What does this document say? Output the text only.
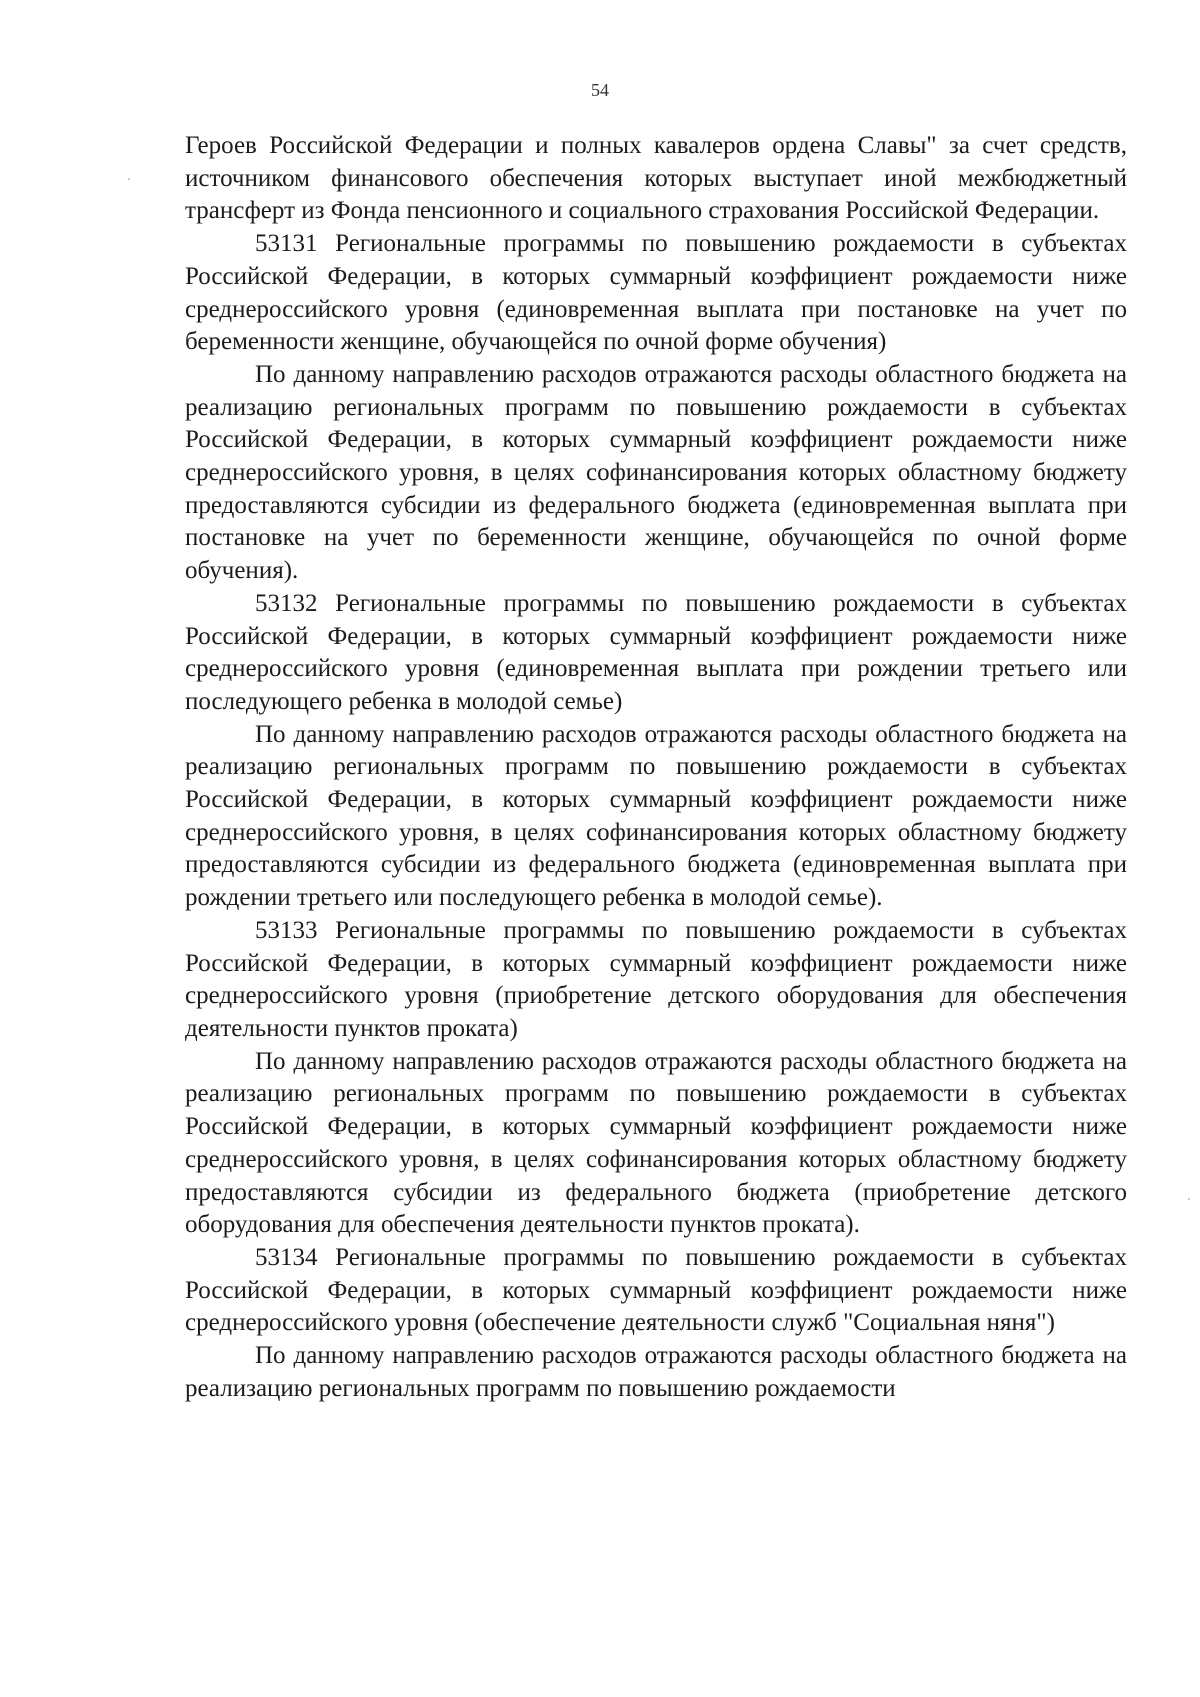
54

Героев Российской Федерации и полных кавалеров ордена Славы" за счет средств, источником финансового обеспечения которых выступает иной межбюджетный трансферт из Фонда пенсионного и социального страхования Российской Федерации.

53131 Региональные программы по повышению рождаемости в субъектах Российской Федерации, в которых суммарный коэффициент рождаемости ниже среднероссийского уровня (единовременная выплата при постановке на учет по беременности женщине, обучающейся по очной форме обучения)

По данному направлению расходов отражаются расходы областного бюджета на реализацию региональных программ по повышению рождаемости в субъектах Российской Федерации, в которых суммарный коэффициент рождаемости ниже среднероссийского уровня, в целях софинансирования которых областному бюджету предоставляются субсидии из федерального бюджета (единовременная выплата при постановке на учет по беременности женщине, обучающейся по очной форме обучения).

53132 Региональные программы по повышению рождаемости в субъектах Российской Федерации, в которых суммарный коэффициент рождаемости ниже среднероссийского уровня (единовременная выплата при рождении третьего или последующего ребенка в молодой семье)

По данному направлению расходов отражаются расходы областного бюджета на реализацию региональных программ по повышению рождаемости в субъектах Российской Федерации, в которых суммарный коэффициент рождаемости ниже среднероссийского уровня, в целях софинансирования которых областному бюджету предоставляются субсидии из федерального бюджета (единовременная выплата при рождении третьего или последующего ребенка в молодой семье).

53133 Региональные программы по повышению рождаемости в субъектах Российской Федерации, в которых суммарный коэффициент рождаемости ниже среднероссийского уровня (приобретение детского оборудования для обеспечения деятельности пунктов проката)

По данному направлению расходов отражаются расходы областного бюджета на реализацию региональных программ по повышению рождаемости в субъектах Российской Федерации, в которых суммарный коэффициент рождаемости ниже среднероссийского уровня, в целях софинансирования которых областному бюджету предоставляются субсидии из федерального бюджета (приобретение детского оборудования для обеспечения деятельности пунктов проката).

53134 Региональные программы по повышению рождаемости в субъектах Российской Федерации, в которых суммарный коэффициент рождаемости ниже среднероссийского уровня (обеспечение деятельности служб "Социальная няня")

По данному направлению расходов отражаются расходы областного бюджета на реализацию региональных программ по повышению рождаемости
